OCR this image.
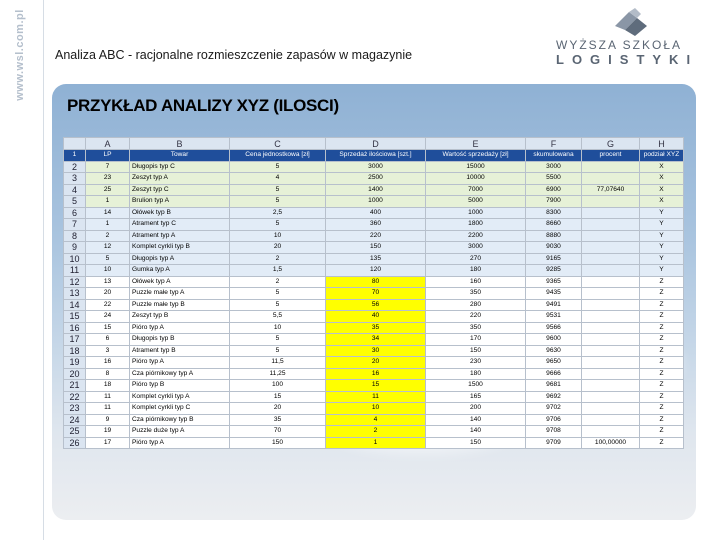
www.wsl.com.pl Analiza ABC - racjonalne rozmieszczenie zapasów w magazynie
WYŻSZA SZKOŁA
LOGISTYKI
PRZYKŁAD ANALIZY XYZ (ILOSCI)
	A	B	C	D	E	F	G	H
1	LP	Towar	Cena jednostkowa [zł]	Sprzedaż ilościowa [szt.]	Wartość sprzedaży [zł]	skumulowana	procent	podział XYZ
2	7	Długopis typ C	5	3000	15000	3000		X
3	23	Zeszyt typ A	4	2500	10000	5500		X
4	25	Zeszyt typ C	5	1400	7000	6900	77,07640	X
5	1	Brulion typ A	5	1000	5000	7900		X
6	14	Ołówek typ B	2,5	400	1000	8300		Y
7	1	Atrament typ C	5	360	1800	8660		Y
8	2	Atrament typ A	10	220	2200	8880		Y
9	12	Komplet cyrkli typ B	20	150	3000	9030		Y
10	5	Długopis typ A	2	135	270	9165		Y
11	10	Gumka typ A	1,5	120	180	9285		Y
12	13	Ołówek typ A	2	80	160	9365		Z
13	20	Puzzle małe typ A	5	70	350	9435		Z
14	22	Puzzle małe typ B	5	56	280	9491		Z
15	24	Zeszyt typ B	5,5	40	220	9531		Z
16	15	Pióro typ A	10	35	350	9566		Z
17	6	Długopis typ B	5	34	170	9600		Z
18	3	Atrament typ B	5	30	150	9630		Z
19	16	Pióro typ A	11,5	20	230	9650		Z
20	8	Cza piórnikowy typ A	11,25	16	180	9666		Z
21	18	Pióro typ B	100	15	1500	9681		Z
22	11	Komplet cyrkli typ A	15	11	165	9692		Z
23	11	Komplet cyrkli typ C	20	10	200	9702		Z
24	9	Cza piórnikowy typ B	35	4	140	9706		Z
25	19	Puzzle duże typ A	70	2	140	9708		Z
26	17	Pióro typ A	150	1	150	9709	100,00000	Z
